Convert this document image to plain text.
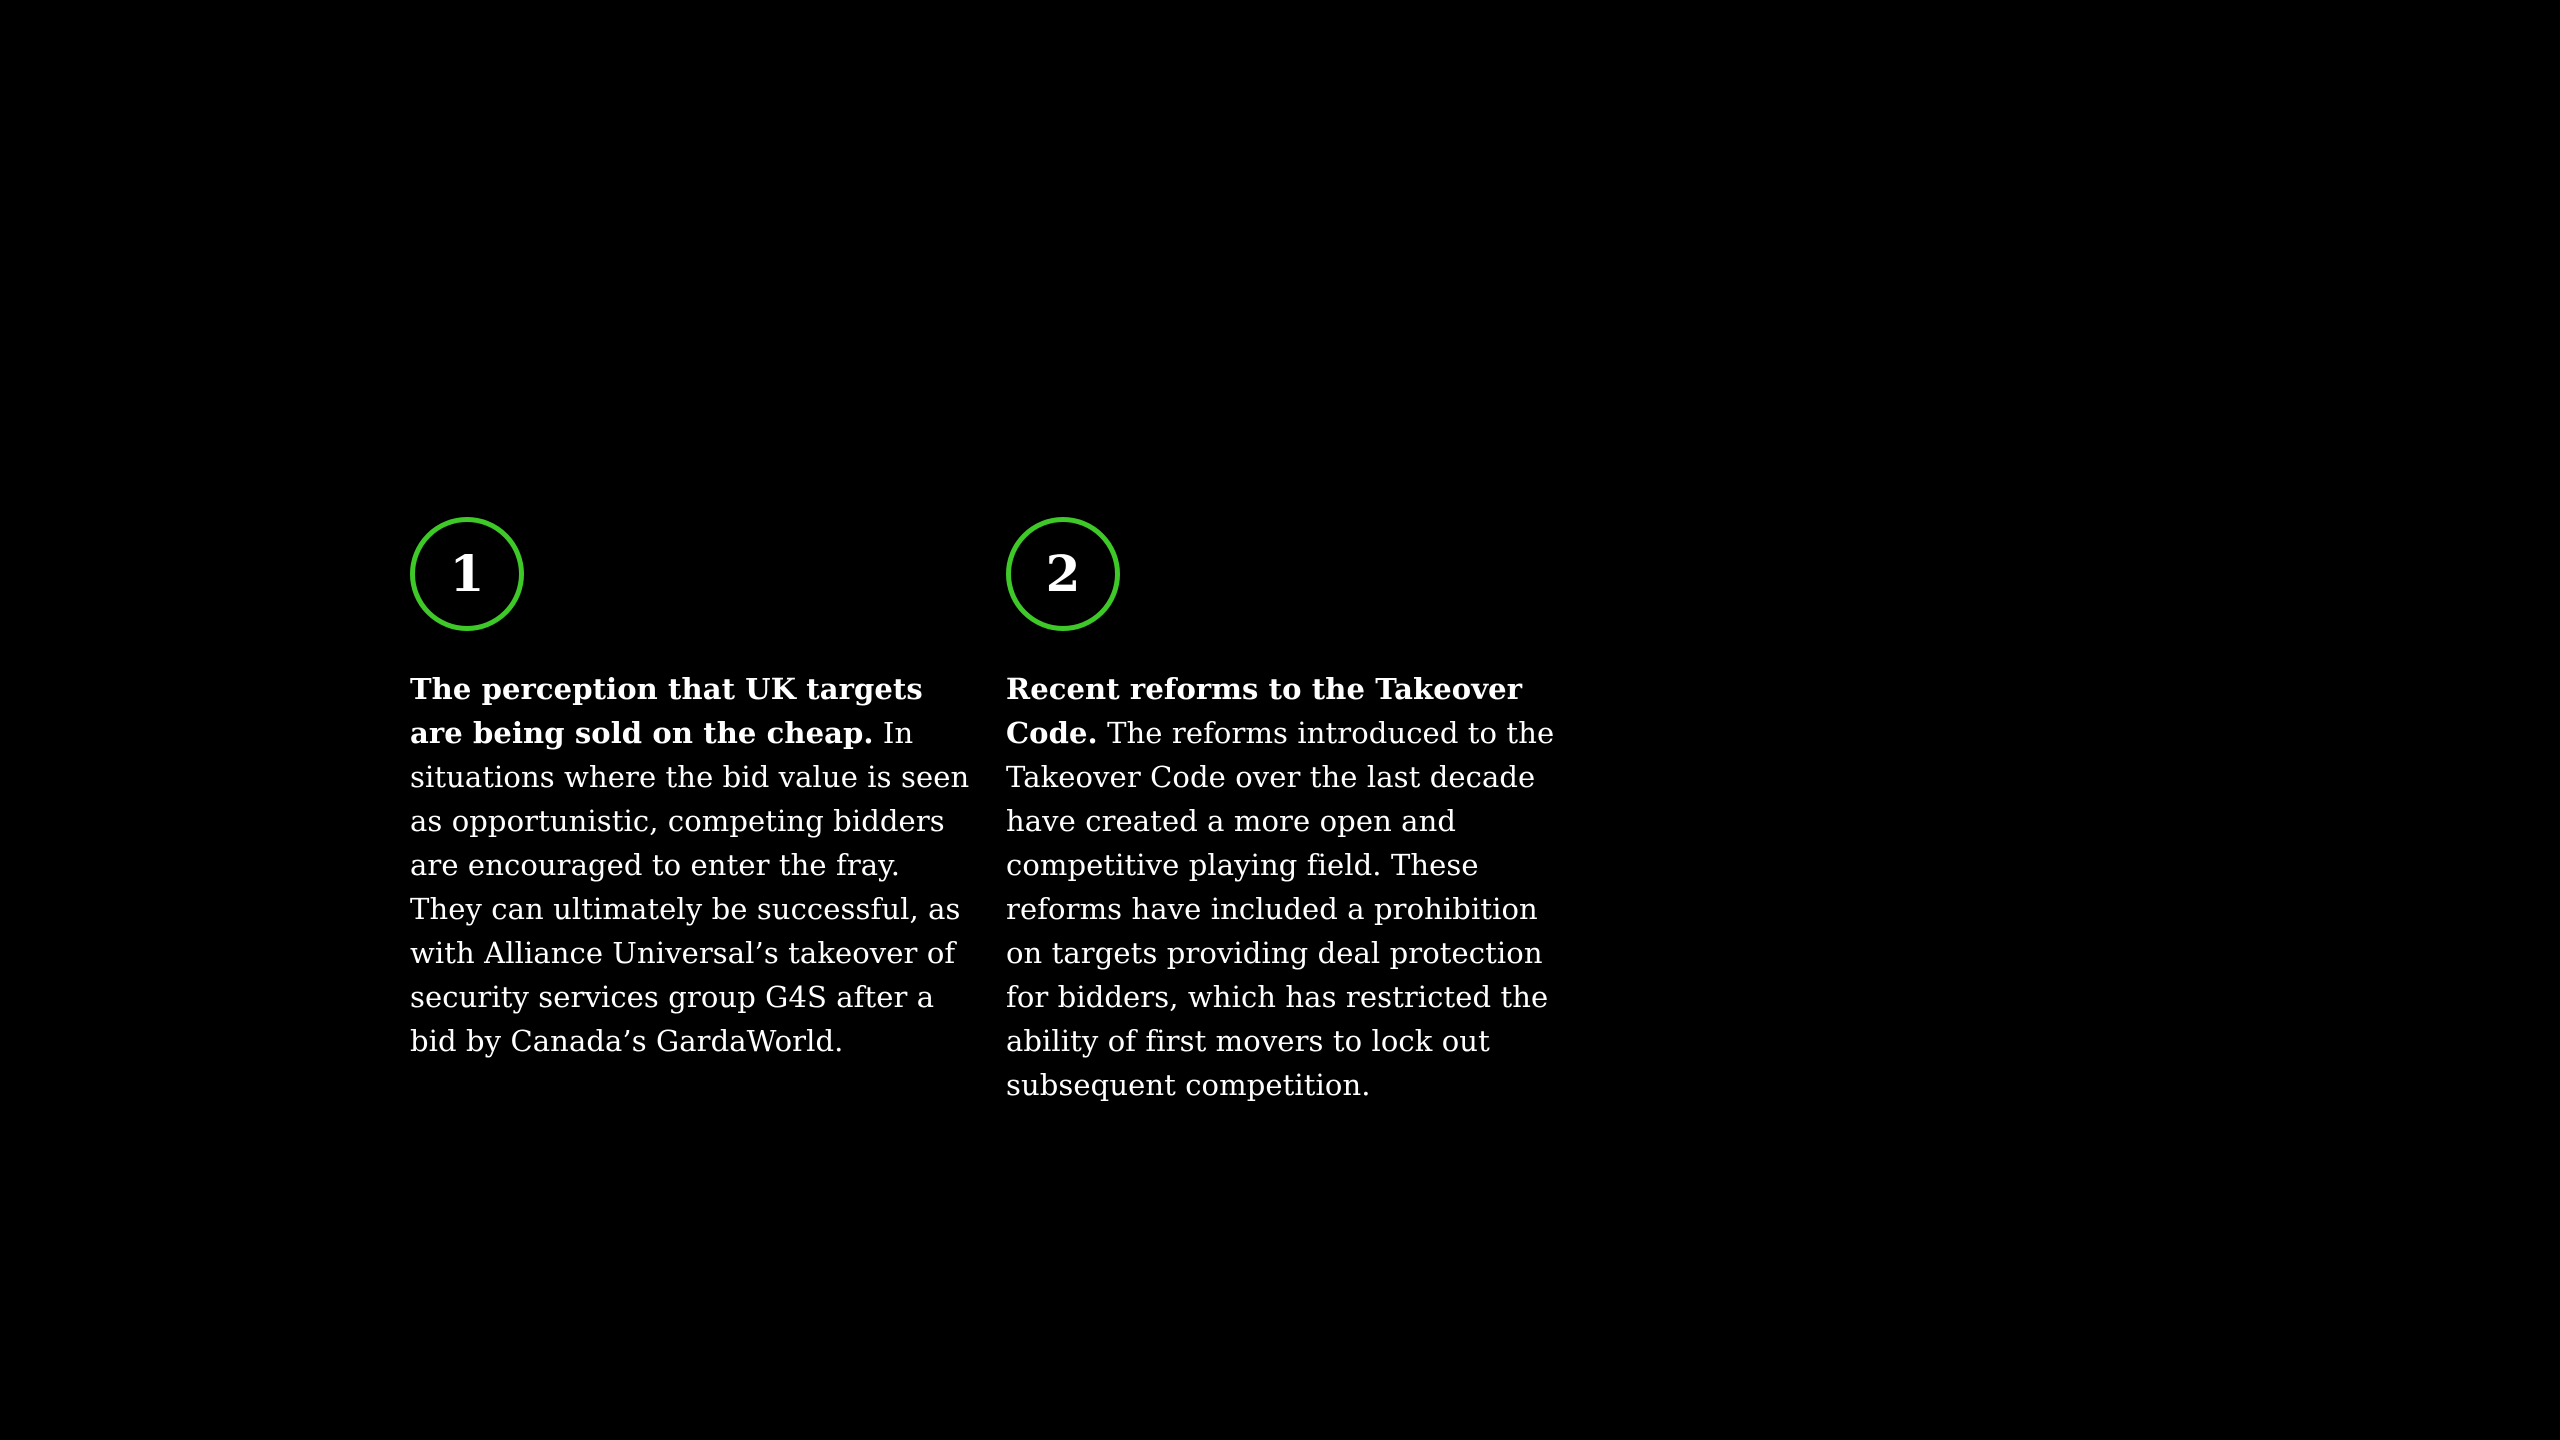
1

The perception that UK targets are being sold on the cheap. In situations where the bid value is seen as opportunistic, competing bidders are encouraged to enter the fray. They can ultimately be successful, as with Alliance Universal’s takeover of security services group G4S after a bid by Canada’s GardaWorld.

2

Recent reforms to the Takeover Code. The reforms introduced to the Takeover Code over the last decade have created a more open and competitive playing field. These reforms have included a prohibition on targets providing deal protection for bidders, which has restricted the ability of first movers to lock out subsequent competition.
